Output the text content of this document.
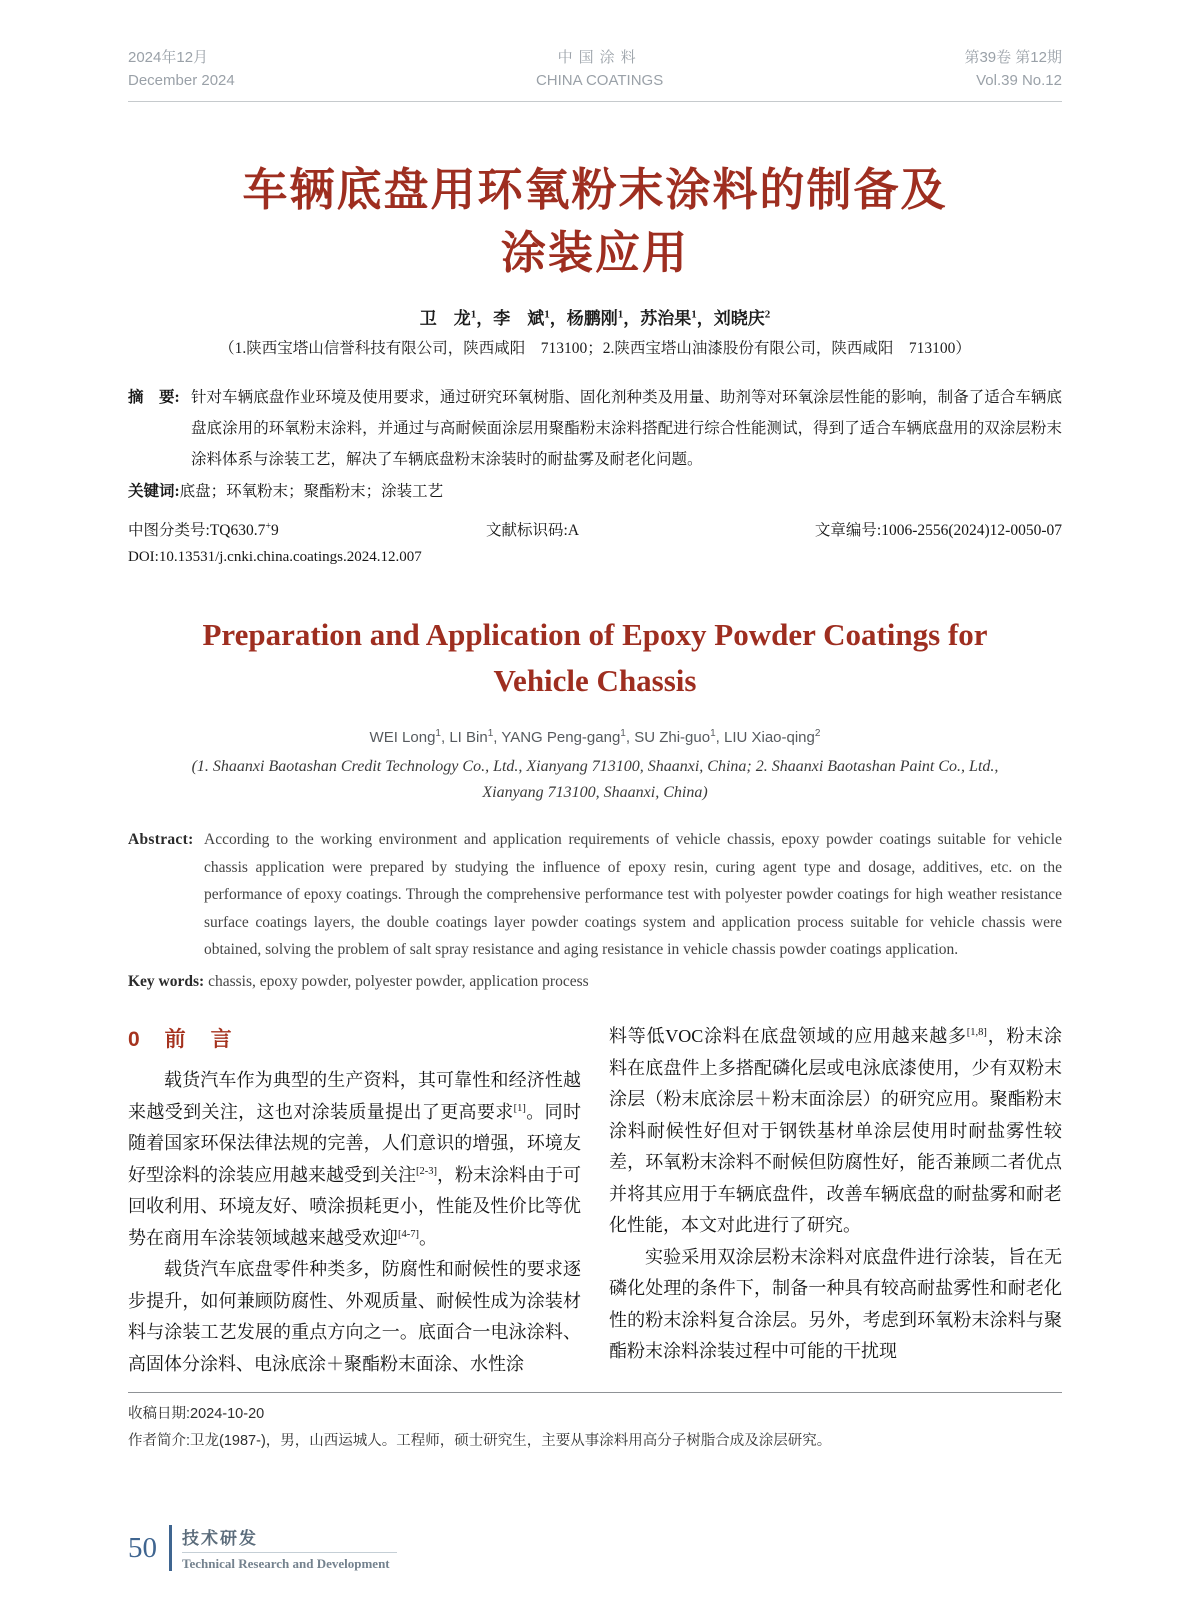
2024年12月
December 2024
中国涂料
CHINA COATINGS
第39卷 第12期
Vol.39 No.12
车辆底盘用环氧粉末涂料的制备及
涂装应用
卫　龙$^1$，李　斌$^1$，杨鹏刚$^1$，苏治果$^1$，刘晓庆$^2$
（1.陕西宝塔山信誉科技有限公司，陕西咸阳　713100；2.陕西宝塔山油漆股份有限公司，陕西咸阳　713100）
摘　要: 针对车辆底盘作业环境及使用要求，通过研究环氧树脂、固化剂种类及用量、助剂等对环氧涂层性能的影响，制备了适合车辆底盘底涂用的环氧粉末涂料，并通过与高耐候面涂层用聚酯粉末涂料搭配进行综合性能测试，得到了适合车辆底盘用的双涂层粉末涂料体系与涂装工艺，解决了车辆底盘粉末涂装时的耐盐雾及耐老化问题。
关键词:底盘；环氧粉末；聚酯粉末；涂装工艺
中图分类号:TQ630.7+9	文献标识码:A	文章编号:1006-2556(2024)12-0050-07
DOI:10.13531/j.cnki.china.coatings.2024.12.007
Preparation and Application of Epoxy Powder Coatings for
Vehicle Chassis
WEI Long$^1$, LI Bin$^1$, YANG Peng-gang$^1$, SU Zhi-guo$^1$, LIU Xiao-qing$^2$
(1. Shaanxi Baotashan Credit Technology Co., Ltd., Xianyang 713100, Shaanxi, China; 2. Shaanxi Baotashan Paint Co., Ltd.,
Xianyang 713100, Shaanxi, China)
Abstract: According to the working environment and application requirements of vehicle chassis, epoxy powder coatings suitable for vehicle chassis application were prepared by studying the influence of epoxy resin, curing agent type and dosage, additives, etc. on the performance of epoxy coatings. Through the comprehensive performance test with polyester powder coatings for high weather resistance surface coatings layers, the double coatings layer powder coatings system and application process suitable for vehicle chassis were obtained, solving the problem of salt spray resistance and aging resistance in vehicle chassis powder coatings application.
Key words: chassis, epoxy powder, polyester powder, application process
0　前　言

载货汽车作为典型的生产资料，其可靠性和经济性越来越受到关注，这也对涂装质量提出了更高要求[1]。同时随着国家环保法律法规的完善，人们意识的增强，环境友好型涂料的涂装应用越来越受到关注[2-3]，粉末涂料由于可回收利用、环境友好、喷涂损耗更小，性能及性价比等优势在商用车涂装领域越来越受欢迎[4-7]。

载货汽车底盘零件种类多，防腐性和耐候性的要求逐步提升，如何兼顾防腐性、外观质量、耐候性成为涂装材料与涂装工艺发展的重点方向之一。底面合一电泳涂料、高固体分涂料、电泳底涂＋聚酯粉末面涂、水性涂

料等低VOC涂料在底盘领域的应用越来越多[1,8]，粉末涂料在底盘件上多搭配磷化层或电泳底漆使用，少有双粉末涂层（粉末底涂层＋粉末面涂层）的研究应用。聚酯粉末涂料耐候性好但对于钢铁基材单涂层使用时耐盐雾性较差，环氧粉末涂料不耐候但防腐性好，能否兼顾二者优点并将其应用于车辆底盘件，改善车辆底盘的耐盐雾和耐老化性能，本文对此进行了研究。

实验采用双涂层粉末涂料对底盘件进行涂装，旨在无磷化处理的条件下，制备一种具有较高耐盐雾性和耐老化性的粉末涂料复合涂层。另外，考虑到环氧粉末涂料与聚酯粉末涂料涂装过程中可能的干扰现

收稿日期:2024-10-20
作者简介:卫龙(1987-)，男，山西运城人。工程师，硕士研究生，主要从事涂料用高分子树脂合成及涂层研究。
50 技术研发
Technical Research and Development
